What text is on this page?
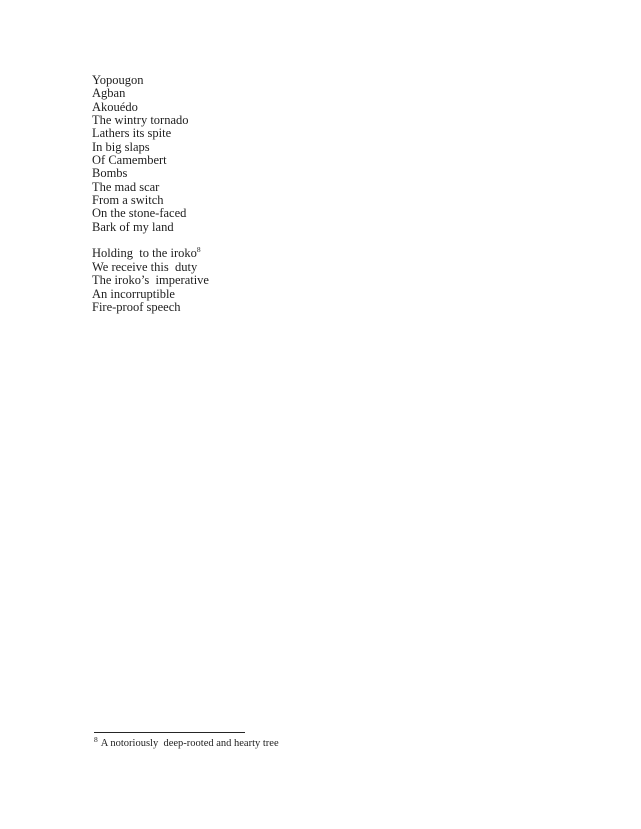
Yopougon
Agban
Akouédo
The wintry tornado
Lathers its spite
In big slaps
Of Camembert
Bombs
The mad scar
From a switch
On the stone-faced
Bark of my land
Holding  to the iroko$^8$
We receive this  duty
The iroko’s  imperative
An incorruptible
Fire-proof speech
$^8$ A notoriously  deep-rooted and hearty tree
